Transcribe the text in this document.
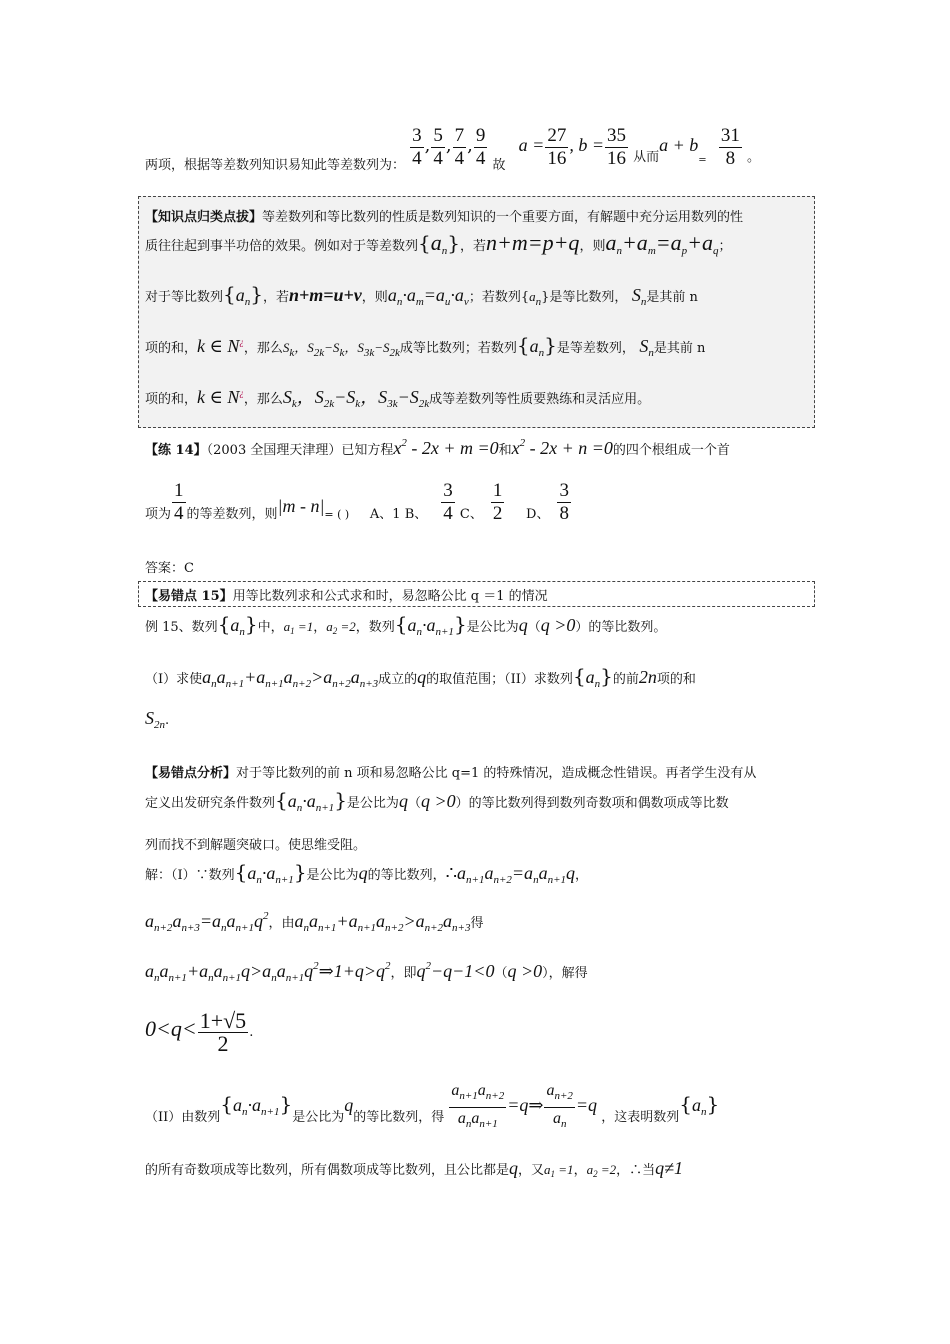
两项，根据等差数列知识易知此等差数列为： $\frac{3}{4}$ , $\frac{5}{4}$ , $\frac{7}{4}$ , $\frac{9}{4}$ 故   $a = \frac{27}{16}$ , $b = \frac{35}{16}$ 从而$a + b_= \frac{31}{8}$ 。
【知识点归类点拔】等差数列和等比数列的性质是数列知识的一个重要方面，有解题中充分运用数列的性
质往往起到事半功倍的效果。例如对于等差数列$\{a_n\}$，若n+m=p+q，则$a_n+a_m=a_p+a_q$；
对于等比数列$\{a_n\}$，若n+m=u+v，则$a_n\cdot a_m=a_u\cdot a_v$；若数列$\{a_n\}$是等比数列， $S_n$是其前 n
项的和，k ∈ N¿，那么$S_k$，$S_{2k}-S_k$，$S_{3k}-S_{2k}$成等比数列；若数列$\{a_n\}$是等差数列， $S_n$是其前 n
项的和，k ∈ N¿，那么$S_k$，$S_{2k}-S_k$，$S_{3k}-S_{2k}$成等差数列等性质要熟练和灵活应用。
【练 14】（2003 全国理天津理）已知方程$x^2 - 2x + m =0$和$x^2 - 2x + n =0$的四个根组成一个首
项为 $\frac{1}{4}$ 的等差数列，则$|m - n|_{= ( )}$ A、1 B、 $\frac{3}{4}$ C、 $\frac{1}{2}$ D、 $\frac{3}{8}$
答案：C
【易错点 15】用等比数列求和公式求和时，易忽略公比 q ＝1 的情况
例 15、数列$\{a_n\}$中，$a_1 =1$，$a_2 =2$，数列$\{a_n\cdot a_{n+1}\}$是公比为q（q >0）的等比数列。
（I）求使$a_na_{n+1}+a_{n+1}a_{n+2}>a_{n+2}a_{n+3}$成立的q的取值范围；（II）求数列$\{a_n\}$的前2n项的和
$S_{2n}$.
【易错点分析】对于等比数列的前 n 项和易忽略公比 q=1 的特殊情况，造成概念性错误。再者学生没有从
定义出发研究条件数列$\{a_n\cdot a_{n+1}\}$是公比为q（q >0）的等比数列得到数列奇数项和偶数项成等比数
列而找不到解题突破口。使思维受阻。
解：（I）∵数列$\{a_n\cdot a_{n+1}\}$是公比为q的等比数列，$\therefore a_{n+1}a_{n+2}=a_na_{n+1}q$，
$a_{n+2}a_{n+3}=a_na_{n+1}q^2$，由$a_na_{n+1}+a_{n+1}a_{n+2}>a_{n+2}a_{n+3}$得
$a_na_{n+1}+a_na_{n+1}q>a_na_{n+1}q^2\Rightarrow 1+q>q^2$，即$q^2-q-1<0(q >0)$，解得
$0<q< \frac{1+√5}{2}$ .
（II）由数列$\{a_n\cdot a_{n+1}\}$是公比为q的等比数列，得 $\frac{a_{n+1}a_{n+2}}{a_na_{n+1}}$ =q⇒ $\frac{a_{n+2}}{a_n} =q$ ，这表明数列$\{a_n\}$
的所有奇数项成等比数列，所有偶数项成等比数列，且公比都是q，又$a_1 =1$，$a_2 =2$，∴当q≠1
